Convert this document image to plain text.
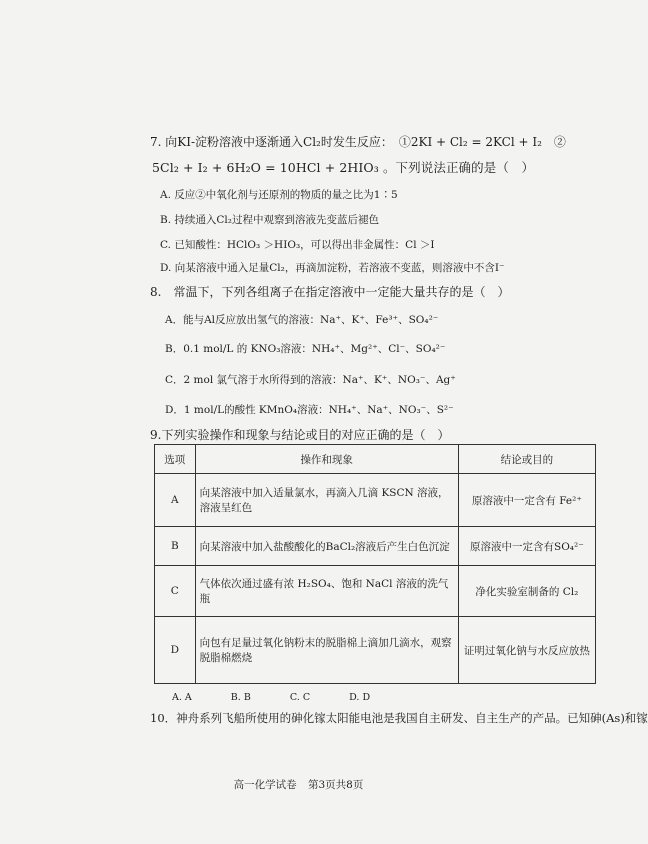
7. 向KI-淀粉溶液中逐渐通入Cl₂时发生反应：　①2KI + Cl₂ = 2KCl + I₂　②
5Cl₂ + I₂ + 6H₂O = 10HCl + 2HIO₃ 。下列说法正确的是（　）
A. 反应②中氧化剂与还原剂的物质的量之比为1∶5
B. 持续通入Cl₂过程中观察到溶液先变蓝后褪色
C. 已知酸性：HClO₃ ＞HIO₃，可以得出非金属性：Cl ＞I
D. 向某溶液中通入足量Cl₂，再滴加淀粉，若溶液不变蓝，则溶液中不含I⁻
8.　常温下，下列各组离子在指定溶液中一定能大量共存的是（　）
A．能与Al反应放出氢气的溶液：Na⁺、K⁺、Fe³⁺、SO₄²⁻
B．0.1 mol/L 的 KNO₃溶液：NH₄⁺、Mg²⁺、Cl⁻、SO₄²⁻
C．2 mol 氯气溶于水所得到的溶液：Na⁺、K⁺、NO₃⁻、Ag⁺
D．1 mol/L的酸性 KMnO₄溶液：NH₄⁺、Na⁺、NO₃⁻、S²⁻
9.下列实验操作和现象与结论或目的对应正确的是（　）
选项	操作和现象	结论或目的
A	向某溶液中加入适量氯水，再滴入几滴 KSCN 溶液，溶液呈红色	原溶液中一定含有 Fe²⁺
B	向某溶液中加入盐酸酸化的BaCl₂溶液后产生白色沉淀	原溶液中一定含有SO₄²⁻
C	气体依次通过盛有浓 H₂SO₄、饱和 NaCl 溶液的洗气瓶	净化实验室制备的 Cl₂
D	向包有足量过氧化钠粉末的脱脂棉上滴加几滴水，观察脱脂棉燃烧	证明过氧化钠与水反应放热
A. A	B. B	C. C	D. D
10．神舟系列飞船所使用的砷化镓太阳能电池是我国自主研发、自主生产的产品。已知砷(As)和镓
高一化学试卷 第3页共8页
